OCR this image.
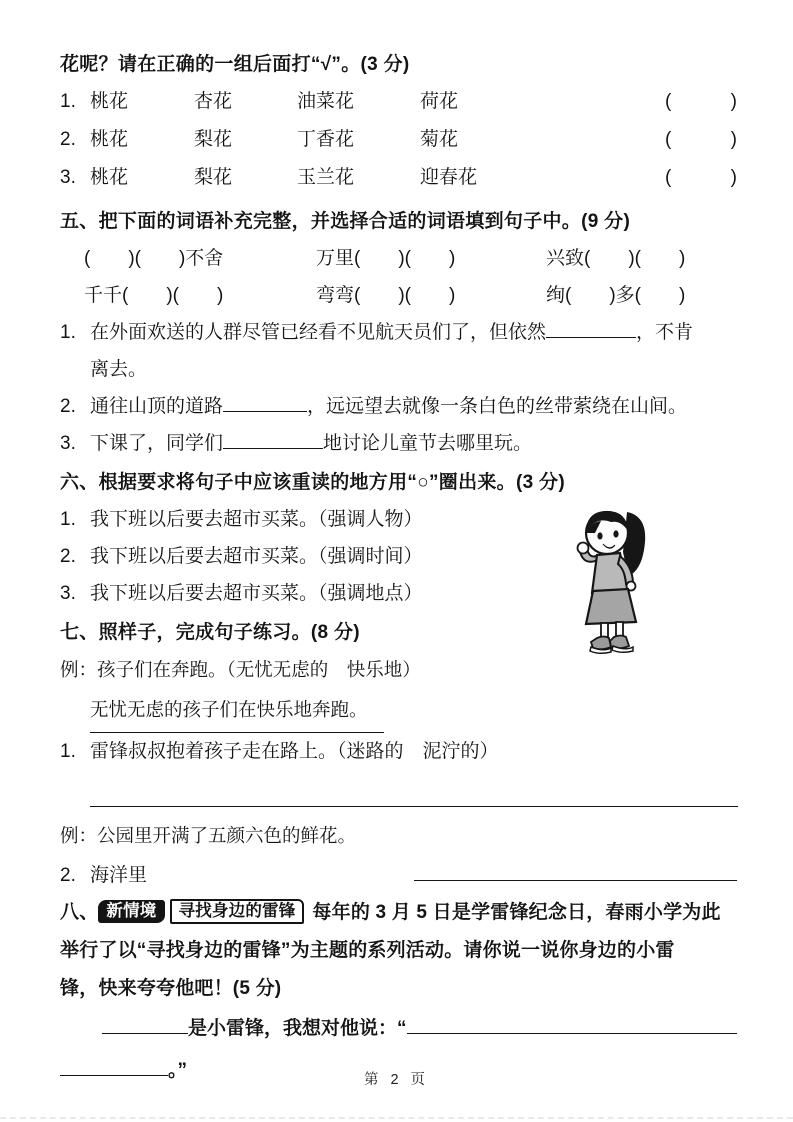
花呢？请在正确的一组后面打“√”。(3 分)
1. 桃花	杏花	油菜花	荷花	(	)
2. 桃花	梨花	丁香花	菊花	(	)
3. 桃花	梨花	玉兰花	迎春花	(	)
五、把下面的词语补充完整，并选择合适的词语填到句子中。(9 分)
(　　)(　　)不舍	万里(　　)(　　)	兴致(　　)(　　)
千千(　　)(　　)	弯弯(　　)(　　)	绚(　　)多(　　)
1. 在外面欢送的人群尽管已经看不见航天员们了，但依然	，不肯
离去。
2. 通往山顶的道路	，远远望去就像一条白色的丝带萦绕在山间。
3. 下课了，同学们	地讨论儿童节去哪里玩。
六、根据要求将句子中应该重读的地方用“○”圈出来。(3 分)
1. 我下班以后要去超市买菜。（强调人物）
2. 我下班以后要去超市买菜。（强调时间）
3. 我下班以后要去超市买菜。（强调地点）
七、照样子，完成句子练习。(8 分)
例：孩子们在奔跑。（无忧无虑的　快乐地）
无忧无虑的孩子们在快乐地奔跑。
1. 雷锋叔叔抱着孩子走在路上。（迷路的　泥泞的）
例：公园里开满了五颜六色的鲜花。
2. 海洋里
八、 新情境 寻找身边的雷锋 每年的 3 月 5 日是学雷锋纪念日，春雨小学为此
举行了以“寻找身边的雷锋”为主题的系列活动。请你说一说你身边的小雷
锋，快来夸夸他吧！(5 分)
是小雷锋，我想对他说：“
。”	第 2 页
